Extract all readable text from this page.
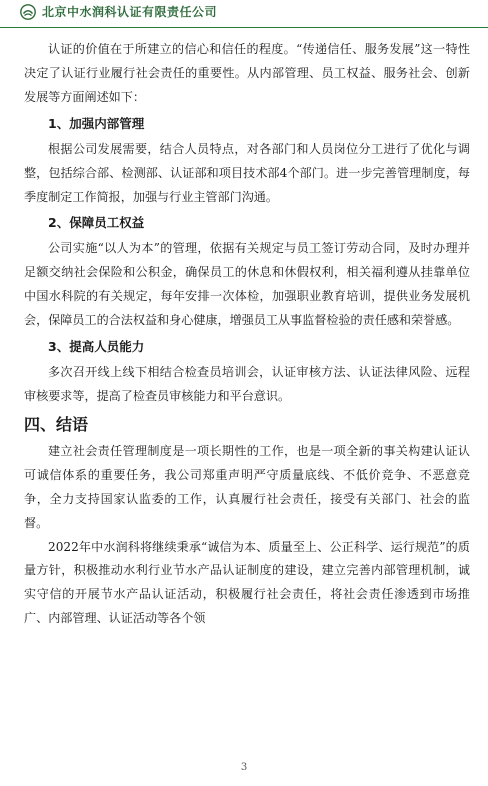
北京中水润科认证有限责任公司

认证的价值在于所建立的信心和信任的程度。“传递信任、服务发展”这一特性决定了认证行业履行社会责任的重要性。从内部管理、员工权益、服务社会、创新发展等方面阐述如下：

1、加强内部管理

根据公司发展需要，结合人员特点，对各部门和人员岗位分工进行了优化与调整，包括综合部、检测部、认证部和项目技术部4个部门。进一步完善管理制度，每季度制定工作简报，加强与行业主管部门沟通。

2、保障员工权益

公司实施“以人为本”的管理，依据有关规定与员工签订劳动合同，及时办理并足额交纳社会保险和公积金，确保员工的休息和休假权利，相关福利遵从挂靠单位中国水科院的有关规定，每年安排一次体检，加强职业教育培训，提供业务发展机会，保障员工的合法权益和身心健康，增强员工从事监督检验的责任感和荣誉感。

3、提高人员能力

多次召开线上线下相结合检查员培训会，认证审核方法、认证法律风险、远程审核要求等，提高了检查员审核能力和平台意识。

四、结语

建立社会责任管理制度是一项长期性的工作，也是一项全新的事关构建认证认可诚信体系的重要任务，我公司郑重声明严守质量底线、不低价竞争、不恶意竞争，全力支持国家认监委的工作，认真履行社会责任，接受有关部门、社会的监督。

2022年中水润科将继续秉承“诚信为本、质量至上、公正科学、运行规范”的质量方针，积极推动水利行业节水产品认证制度的建设，建立完善内部管理机制，诚实守信的开展节水产品认证活动，积极履行社会责任，将社会责任渗透到市场推广、内部管理、认证活动等各个领

3
